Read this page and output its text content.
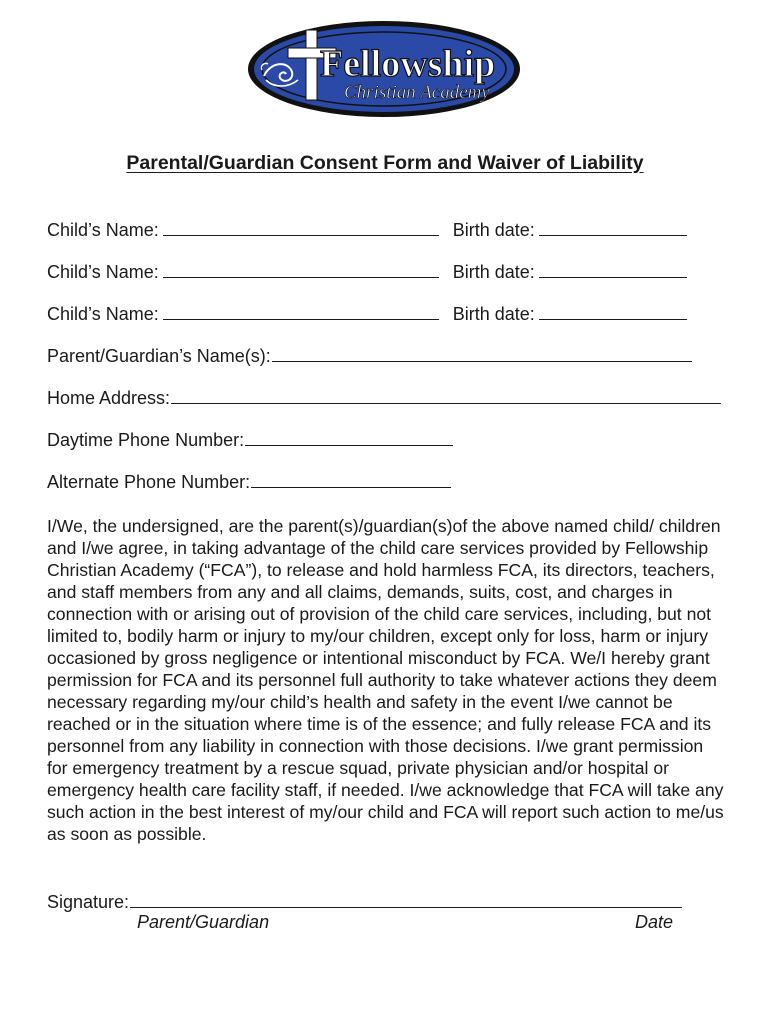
Fellowship
Christian Academy
Parental/Guardian Consent Form and Waiver of Liability
Child’s Name:	Birth date:
Child’s Name:	Birth date:
Child’s Name:	Birth date:
Parent/Guardian’s Name(s):
Home Address:
Daytime Phone Number:
Alternate Phone Number:

I/We, the undersigned, are the parent(s)/guardian(s)of the above named child/ children and I/we agree, in taking advantage of the child care services provided by Fellowship Christian Academy (“FCA”), to release and hold harmless FCA, its directors, teachers, and staff members from any and all claims, demands, suits, cost, and charges in connection with or arising out of provision of the child care services, including, but not limited to, bodily harm or injury to my/our children, except only for loss, harm or injury occasioned by gross negligence or intentional misconduct by FCA. We/I hereby grant permission for FCA and its personnel full authority to take whatever actions they deem necessary regarding my/our child’s health and safety in the event I/we cannot be reached or in the situation where time is of the essence; and fully release FCA and its personnel from any liability in connection with those decisions. I/we grant permission for emergency treatment by a rescue squad, private physician and/or hospital or emergency health care facility staff, if needed. I/we acknowledge that FCA will take any such action in the best interest of my/our child and FCA will report such action to me/us as soon as possible.

Signature:
Parent/Guardian	Date
